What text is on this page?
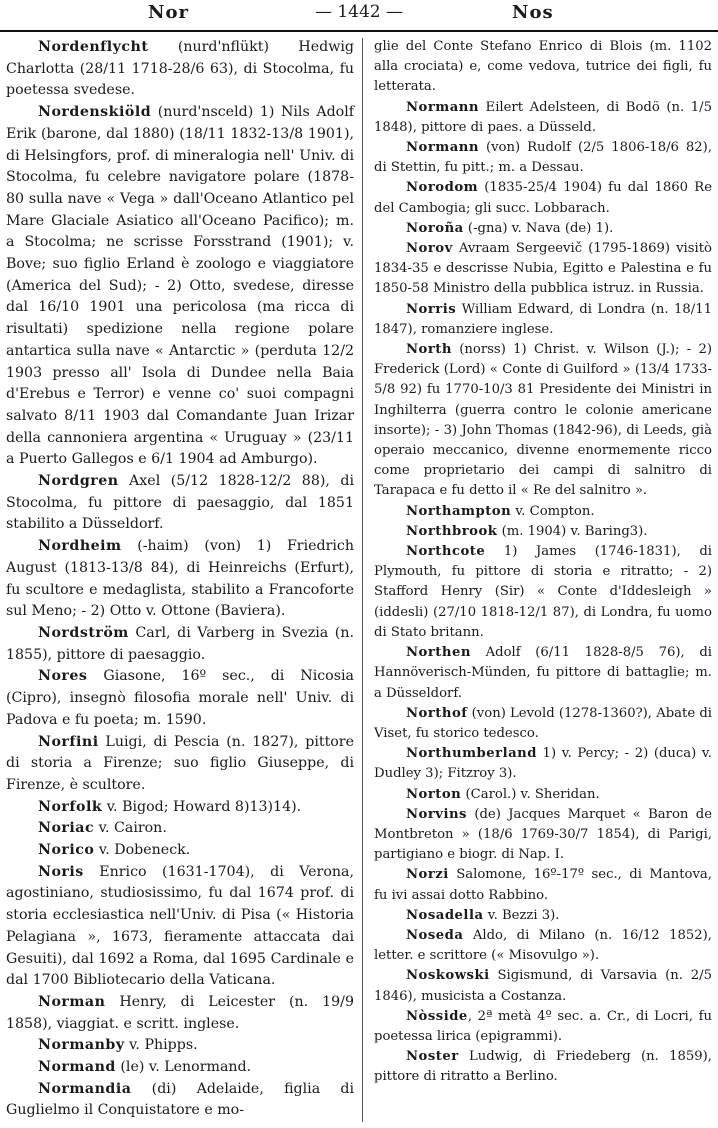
Nor	— 1442 —	Nos

Nordenflycht (nurd'nflükt) Hedwig Charlotta (28/11 1718-28/6 63), di Stocolma, fu poetessa svedese.

Nordenskiöld (nurd'nsceld) 1) Nils Adolf Erik (barone, dal 1880) (18/11 1832-13/8 1901), di Helsingfors, prof. di mineralogia nell' Univ. di Stocolma, fu celebre navigatore polare (1878-80 sulla nave « Vega » dall'Oceano Atlantico pel Mare Glaciale Asiatico all'Oceano Pacifico); m. a Stocolma; ne scrisse Forsstrand (1901); v. Bove; suo figlio Erland è zoologo e viaggiatore (America del Sud); - 2) Otto, svedese, diresse dal 16/10 1901 una pericolosa (ma ricca di risultati) spedizione nella regione polare antartica sulla nave « Antarctic » (perduta 12/2 1903 presso all' Isola di Dundee nella Baia d'Erebus e Terror) e venne co' suoi compagni salvato 8/11 1903 dal Comandante Juan Irizar della cannoniera argentina « Uruguay » (23/11 a Puerto Gallegos e 6/1 1904 ad Amburgo).

Nordgren Axel (5/12 1828-12/2 88), di Stocolma, fu pittore di paesaggio, dal 1851 stabilito a Düsseldorf.

Nordheim (-haim) (von) 1) Friedrich August (1813-13/8 84), di Heinreichs (Erfurt), fu scultore e medaglista, stabilito a Francoforte sul Meno; - 2) Otto v. Ottone (Baviera).

Nordström Carl, di Varberg in Svezia (n. 1855), pittore di paesaggio.

Nores Giasone, 16º sec., di Nicosia (Cipro), insegnò filosofia morale nell' Univ. di Padova e fu poeta; m. 1590.

Norfini Luigi, di Pescia (n. 1827), pittore di storia a Firenze; suo figlio Giuseppe, di Firenze, è scultore.

Norfolk v. Bigod; Howard 8)13)14).

Noriac v. Cairon.

Norico v. Dobeneck.

Noris Enrico (1631-1704), di Verona, agostiniano, studiosissimo, fu dal 1674 prof. di storia ecclesiastica nell'Univ. di Pisa (« Historia Pelagiana », 1673, fieramente attaccata dai Gesuiti), dal 1692 a Roma, dal 1695 Cardinale e dal 1700 Bibliotecario della Vaticana.

Norman Henry, di Leicester (n. 19/9 1858), viaggiat. e scritt. inglese.

Normanby v. Phipps.

Normand (le) v. Lenormand.

Normandia (di) Adelaide, figlia di Guglielmo il Conquistatore e mo-

glie del Conte Stefano Enrico di Blois (m. 1102 alla crociata) e, come vedova, tutrice dei figli, fu letterata.

Normann Eilert Adelsteen, di Bodö (n. 1/5 1848), pittore di paes. a Düsseld.

Normann (von) Rudolf (2/5 1806-18/6 82), di Stettin, fu pitt.; m. a Dessau.

Norodom (1835-25/4 1904) fu dal 1860 Re del Cambogia; gli succ. Lobbarach.

Noroña (-gna) v. Nava (de) 1).

Norov Avraam Sergeevič (1795-1869) visitò 1834-35 e descrisse Nubia, Egitto e Palestina e fu 1850-58 Ministro della pubblica istruz. in Russia.

Norris William Edward, di Londra (n. 18/11 1847), romanziere inglese.

North (norss) 1) Christ. v. Wilson (J.); - 2) Frederick (Lord) « Conte di Guilford » (13/4 1733-5/8 92) fu 1770-10/3 81 Presidente dei Ministri in Inghilterra (guerra contro le colonie americane insorte); - 3) John Thomas (1842-96), di Leeds, già operaio meccanico, divenne enormemente ricco come proprietario dei campi di salnitro di Tarapaca e fu detto il « Re del salnitro ».

Northampton v. Compton.

Northbrook (m. 1904) v. Baring3).

Northcote 1) James (1746-1831), di Plymouth, fu pittore di storia e ritratto; - 2) Stafford Henry (Sir) « Conte d'Iddesleigh » (iddesli) (27/10 1818-12/1 87), di Londra, fu uomo di Stato britann.

Northen Adolf (6/11 1828-8/5 76), di Hannöverisch-Münden, fu pittore di battaglie; m. a Düsseldorf.

Northof (von) Levold (1278-1360?), Abate di Viset, fu storico tedesco.

Northumberland 1) v. Percy; - 2) (duca) v. Dudley 3); Fitzroy 3).

Norton (Carol.) v. Sheridan.

Norvins (de) Jacques Marquet « Baron de Montbreton » (18/6 1769-30/7 1854), di Parigi, partigiano e biogr. di Nap. I.

Norzi Salomone, 16º-17º sec., di Mantova, fu ivi assai dotto Rabbino.

Nosadella v. Bezzi 3).

Noseda Aldo, di Milano (n. 16/12 1852), letter. e scrittore (« Misovulgo »).

Noskowski Sigismund, di Varsavia (n. 2/5 1846), musicista a Costanza.

Nòsside, 2ª metà 4º sec. a. Cr., di Locri, fu poetessa lirica (epigrammi).

Noster Ludwig, di Friedeberg (n. 1859), pittore di ritratto a Berlino.
